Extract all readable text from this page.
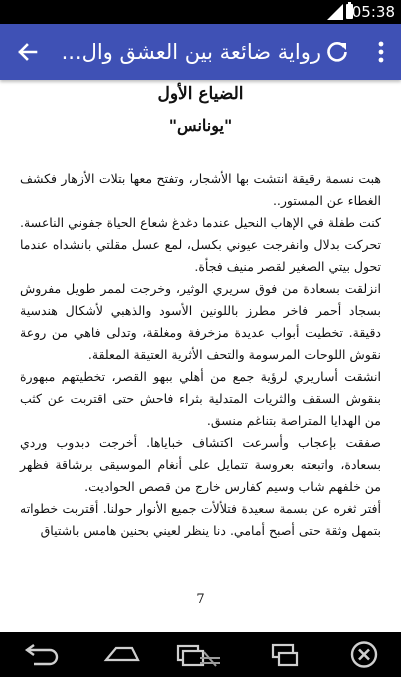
05:38
رواية ضائعة بين العشق وال...
الضياع الأول
"يونانس"

هبت نسمة رقيقة انتشت بها الأشجار، وتفتح معها بتلات الأزهار فكشف الغطاء عن المستور..

كنت طفلة في الإهاب النحيل عندما دغدغ شعاع الحياة جفوني الناعسة. تحركت بدلال وانفرجت عيوني بكسل، لمع عسل مقلتي بانشداه عندما تحول بيتي الصغير لقصر منيف فجأة.

انزلقت بسعادة من فوق سريري الوثير، وخرجت لممر طويل مفروش بسجاد أحمر فاخر مطرز باللونين الأسود والذهبي لأشكال هندسية دقيقة. تخطيت أبواب عديدة مزخرفة ومغلقة، وتدلى فاهي من روعة نقوش اللوحات المرسومة والتحف الأثرية العتيقة المعلقة.

انشقت أساريري لرؤية جمع من أهلي ببهو القصر، تخطيتهم مبهورة بنقوش السقف والثريات المتدلية بثراء فاحش حتى اقتربت عن كثب من الهدايا المتراصة بتناغم منسق.

صفقت بإعجاب وأسرعت اكتشاف خباياها. أخرجت دبدوب وردي بسعادة، واتبعته بعروسة تتمايل على أنغام الموسيقى برشاقة فظهر من خلفهم شاب وسيم كفارس خارج من قصص الحواديت.

أفتر ثغره عن بسمة سعيدة فتلألأت جميع الأنوار حولنا. أقتربت خطواته بتمهل وثقة حتى أصبح أمامي. دنا ينظر لعيني بحنين هامس باشتياق

7
